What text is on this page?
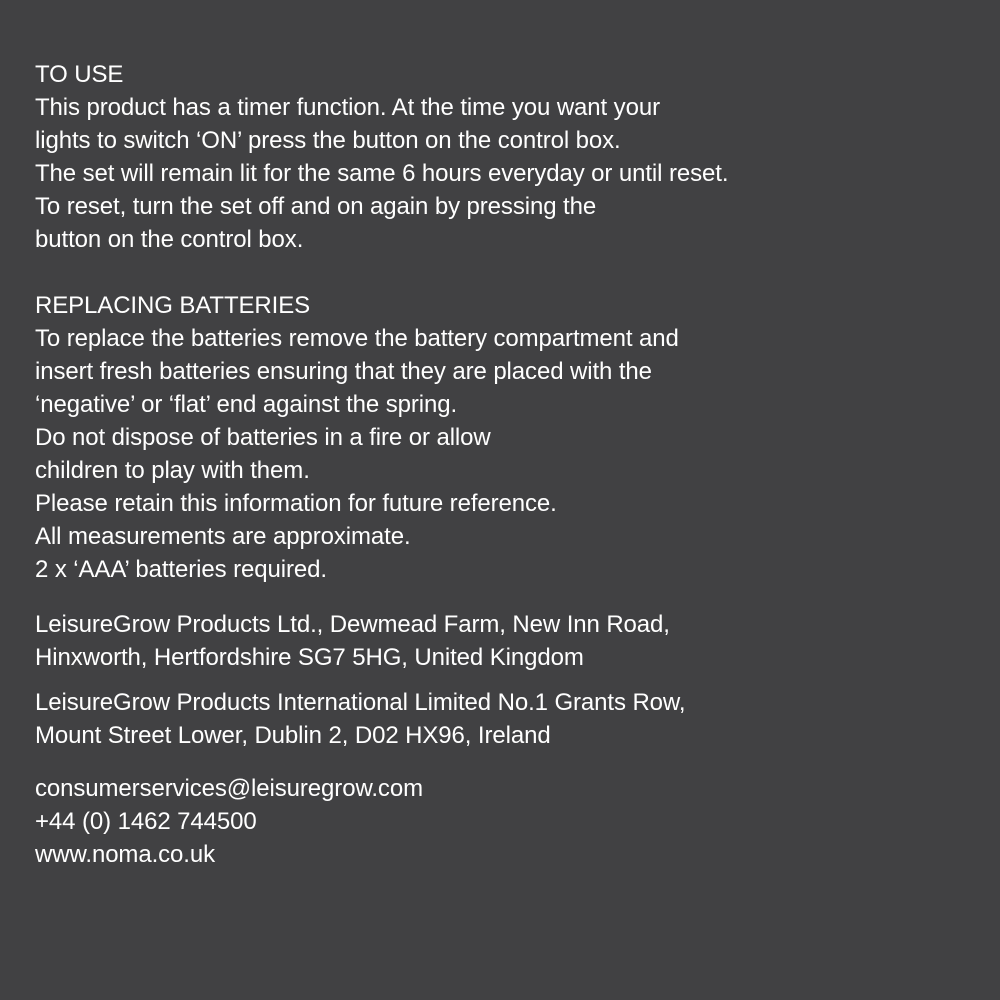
TO USE
This product has a timer function. At the time you want your
lights to switch ‘ON’ press the button on the control box.
The set will remain lit for the same 6 hours everyday or until reset.
To reset, turn the set off and on again by pressing the
button on the control box.
REPLACING BATTERIES
To replace the batteries remove the battery compartment and
insert fresh batteries ensuring that they are placed with the
‘negative’ or ‘flat’ end against the spring.
Do not dispose of batteries in a fire or allow
children to play with them.
Please retain this information for future reference.
All measurements are approximate.
2 x ‘AAA’ batteries required.
LeisureGrow Products Ltd., Dewmead Farm, New Inn Road,
Hinxworth, Hertfordshire SG7 5HG, United Kingdom
LeisureGrow Products International Limited No.1 Grants Row,
Mount Street Lower, Dublin 2, D02 HX96, Ireland
consumerservices@leisuregrow.com
+44 (0) 1462 744500
www.noma.co.uk
